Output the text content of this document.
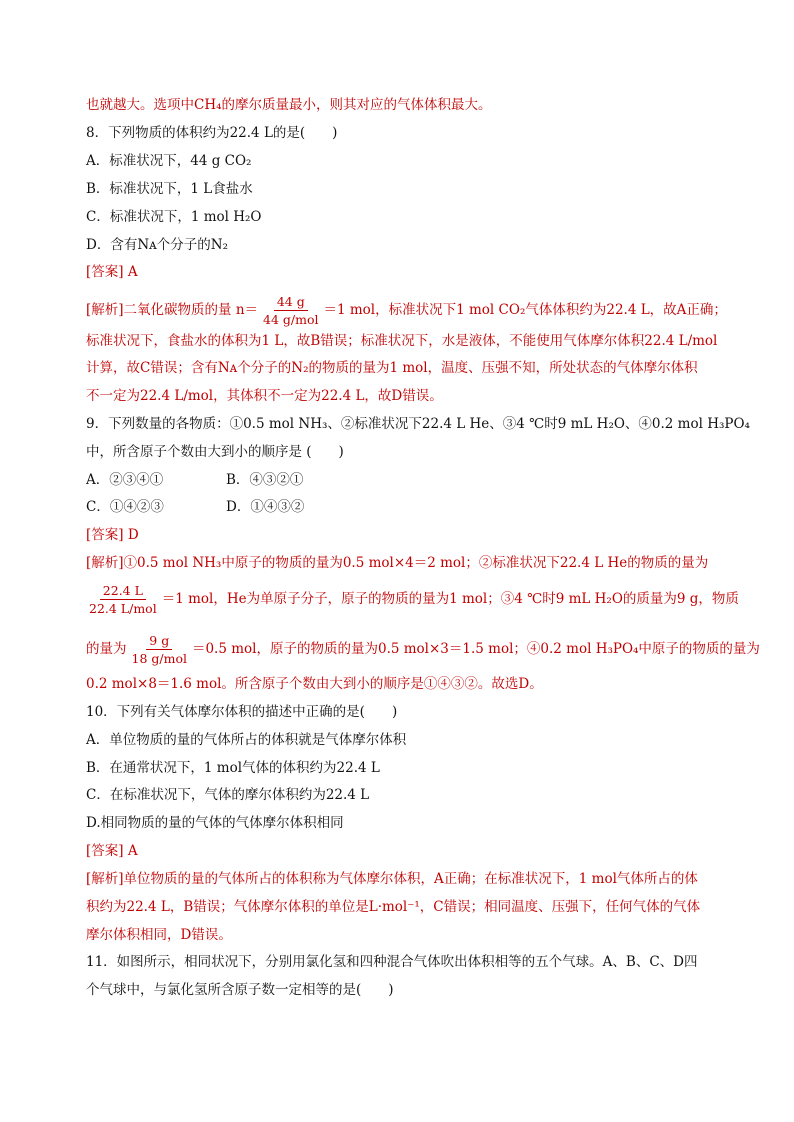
也就越大。选项中CH₄的摩尔质量最小，则其对应的气体体积最大。
8．下列物质的体积约为22.4 L的是(　　)
A．标准状况下，44 g CO₂
B．标准状况下，1 L食盐水
C．标准状况下，1 mol H₂O
D．含有Nᴀ个分子的N₂
[答案] A
[解析]二氧化碳物质的量 $n= \frac{44 g}{\text{44 g/mol}} =1$ mol，标准状况下1 mol CO₂气体体积约为22.4 L，故A正确；
标准状况下，食盐水的体积为1 L，故B错误；标准状况下，水是液体，不能使用气体摩尔体积22.4 L/mol
计算，故C错误；含有Nᴀ个分子的N₂的物质的量为1 mol，温度、压强不知，所处状态的气体摩尔体积
不一定为22.4 L/mol，其体积不一定为22.4 L，故D错误。
9．下列数量的各物质：①0.5 mol NH₃、②标准状况下22.4 L He、③4 ℃时9 mL H₂O、④0.2 mol H₃PO₄
中，所含原子个数由大到小的顺序是 (　　)
A．②③④①	B．④③②①
C．①④②③	D．①④③②
[答案] D
[解析]①0.5 mol NH₃中原子的物质的量为0.5 mol×4＝2 mol；②标准状况下22.4 L He的物质的量为
$\frac{22.4 L}{\text{22.4 L/mol}} =1$ mol，He为单原子分子，原子的物质的量为1 mol；③4 ℃时9 mL H₂O的质量为9 g，物质
的量为 $\frac{9 g}{\text{18 g/mol}} =0.5$ mol，原子的物质的量为0.5 mol×3＝1.5 mol；④0.2 mol H₃PO₄中原子的物质的量为
0.2 mol×8＝1.6 mol。所含原子个数由大到小的顺序是①④③②。故选D。
10．下列有关气体摩尔体积的描述中正确的是(　　)
A．单位物质的量的气体所占的体积就是气体摩尔体积
B．在通常状况下，1 mol气体的体积约为22.4 L
C．在标准状况下，气体的摩尔体积约为22.4 L
D.相同物质的量的气体的气体摩尔体积相同
[答案] A
[解析]单位物质的量的气体所占的体积称为气体摩尔体积，A正确；在标准状况下，1 mol气体所占的体
积约为22.4 L，B错误；气体摩尔体积的单位是L·mol⁻¹，C错误；相同温度、压强下，任何气体的气体
摩尔体积相同，D错误。
11．如图所示，相同状况下，分别用氯化氢和四种混合气体吹出体积相等的五个气球。A、B、C、D四
个气球中，与氯化氢所含原子数一定相等的是(　　)
